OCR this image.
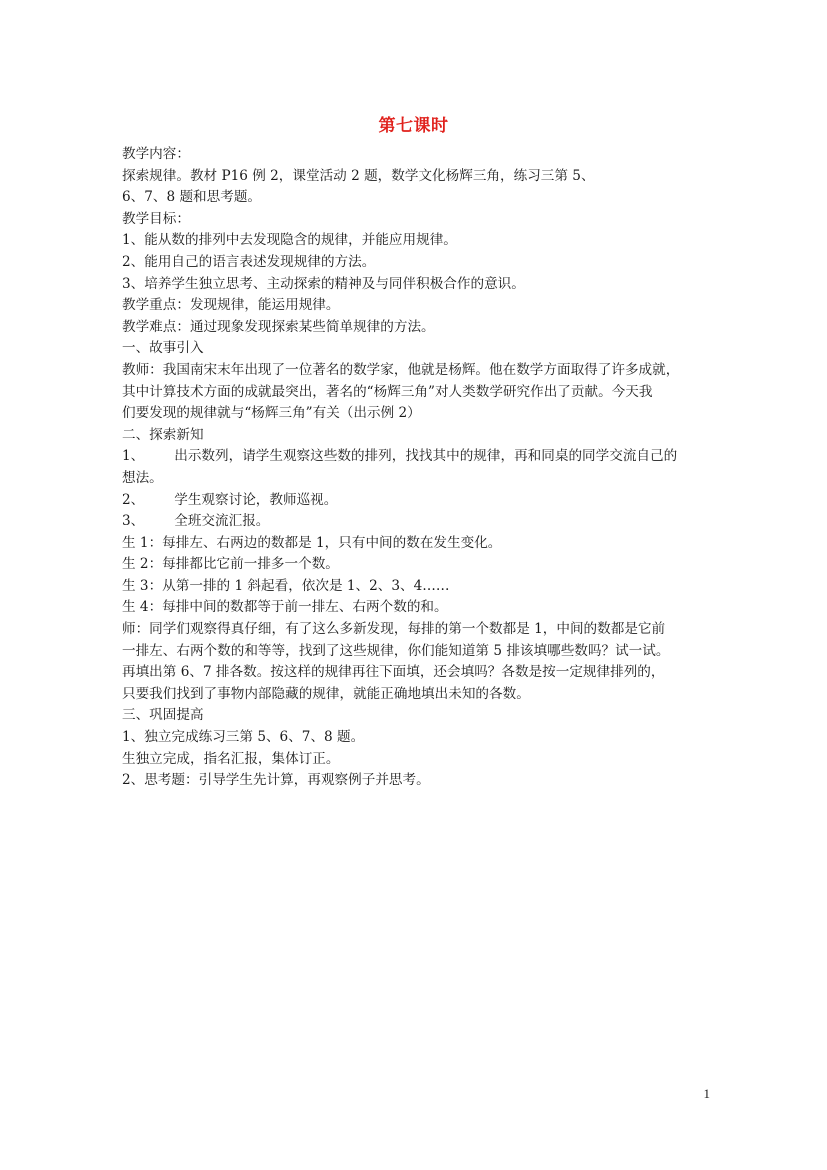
第七课时

教学内容：

探索规律。教材 P16 例 2，课堂活动 2 题，数学文化杨辉三角，练习三第 5、

6、7、8 题和思考题。

教学目标：

1、能从数的排列中去发现隐含的规律，并能应用规律。

2、能用自己的语言表述发现规律的方法。

3、培养学生独立思考、主动探索的精神及与同伴积极合作的意识。

教学重点：发现规律，能运用规律。

教学难点：通过现象发现探索某些简单规律的方法。

一、故事引入

教师：我国南宋末年出现了一位著名的数学家，他就是杨辉。他在数学方面取得了许多成就，

其中计算技术方面的成就最突出，著名的“杨辉三角”对人类数学研究作出了贡献。今天我

们要发现的规律就与“杨辉三角”有关（出示例 2）

二、探索新知

1、 出示数列，请学生观察这些数的排列，找找其中的规律，再和同桌的同学交流自己的

想法。

2、 学生观察讨论，教师巡视。

3、 全班交流汇报。

生 1：每排左、右两边的数都是 1，只有中间的数在发生变化。

生 2：每排都比它前一排多一个数。

生 3：从第一排的 1 斜起看，依次是 1、2、3、4……

生 4：每排中间的数都等于前一排左、右两个数的和。

师：同学们观察得真仔细，有了这么多新发现，每排的第一个数都是 1，中间的数都是它前

一排左、右两个数的和等等，找到了这些规律，你们能知道第 5 排该填哪些数吗？试一试。

再填出第 6、7 排各数。按这样的规律再往下面填，还会填吗？各数是按一定规律排列的，

只要我们找到了事物内部隐藏的规律，就能正确地填出未知的各数。

三、巩固提高

1、独立完成练习三第 5、6、7、8 题。

生独立完成，指名汇报，集体订正。

2、思考题：引导学生先计算，再观察例子并思考。

1
